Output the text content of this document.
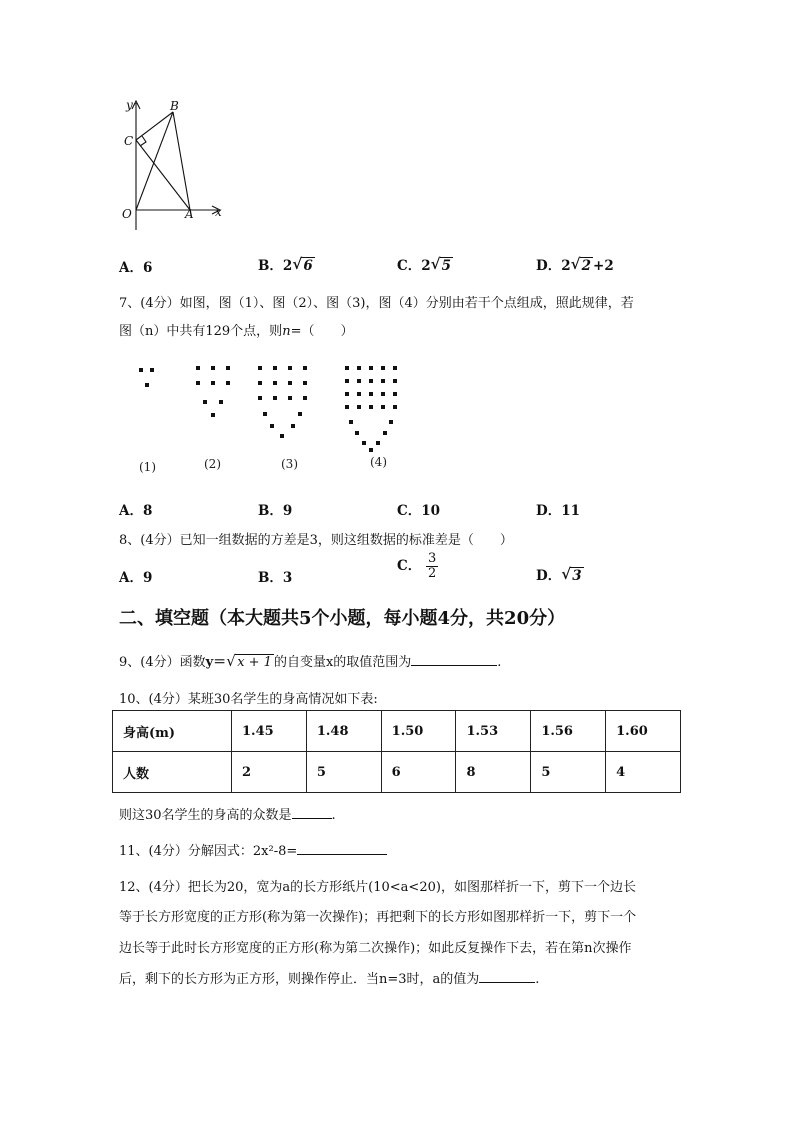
y	B
C
O	A x
A．6	B．2 √ 6	C．2 √ 5	D．2 √ 2 +2
7、(4分）如图，图（1）、图（2）、图（3)，图（4）分别由若干个点组成，照此规律，若
图（n）中共有129个点，则n=（　　）
(1)	(2)	(3)	(4)
A．8	B．9	C．10	D．11
8、(4分）已知一组数据的方差是3，则这组数据的标准差是（　　）
A．9	B．3
C． $\frac{3}{2}$	D． √ 3
二、填空题（本大题共5个小题，每小题4分，共20分）
9、(4分）函数y＝ √ x + 1 的自变量x的取值范围为	.
10、(4分）某班30名学生的身高情况如下表:
身高(m)	1.45	1.48	1.50	1.53	1.56	1.60
人数	2	5	6	8	5	4
则这30名学生的身高的众数是	.
11、(4分）分解因式：2x²-8=
12、(4分）把长为20，宽为a的长方形纸片(10<a<20)，如图那样折一下，剪下一个边长
等于长方形宽度的正方形(称为第一次操作)；再把剩下的长方形如图那样折一下，剪下一个
边长等于此时长方形宽度的正方形(称为第二次操作)；如此反复操作下去，若在第n次操作
后，剩下的长方形为正方形，则操作停止．当n=3时，a的值为	.
